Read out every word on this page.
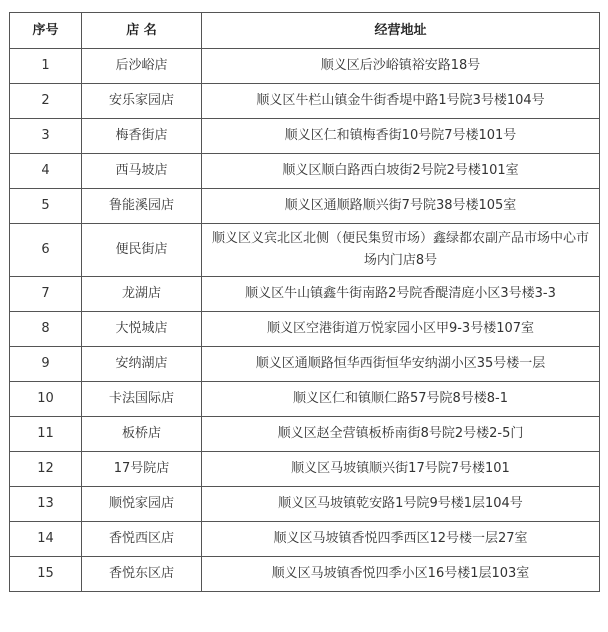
序号	店 名	经营地址
1	后沙峪店	顺义区后沙峪镇裕安路18号
2	安乐家园店	顺义区牛栏山镇金牛街香堤中路1号院3号楼104号
3	梅香街店	顺义区仁和镇梅香街10号院7号楼101号
4	西马坡店	顺义区顺白路西白坡街2号院2号楼101室
5	鲁能溪园店	顺义区通顺路顺兴街7号院38号楼105室
6	便民街店	顺义区义宾北区北侧（便民集贸市场）鑫绿都农副产品市场中心市场内门店8号
7	龙湖店	顺义区牛山镇鑫牛街南路2号院香醍清庭小区3号楼3-3
8	大悦城店	顺义区空港街道万悦家园小区甲9-3号楼107室
9	安纳湖店	顺义区通顺路恒华西街恒华安纳湖小区35号楼一层
10	卡法国际店	顺义区仁和镇顺仁路57号院8号楼8-1
11	板桥店	顺义区赵全营镇板桥南街8号院2号楼2-5门
12	17号院店	顺义区马坡镇顺兴街17号院7号楼101
13	顺悦家园店	顺义区马坡镇乾安路1号院9号楼1层104号
14	香悦西区店	顺义区马坡镇香悦四季西区12号楼一层27室
15	香悦东区店	顺义区马坡镇香悦四季小区16号楼1层103室
